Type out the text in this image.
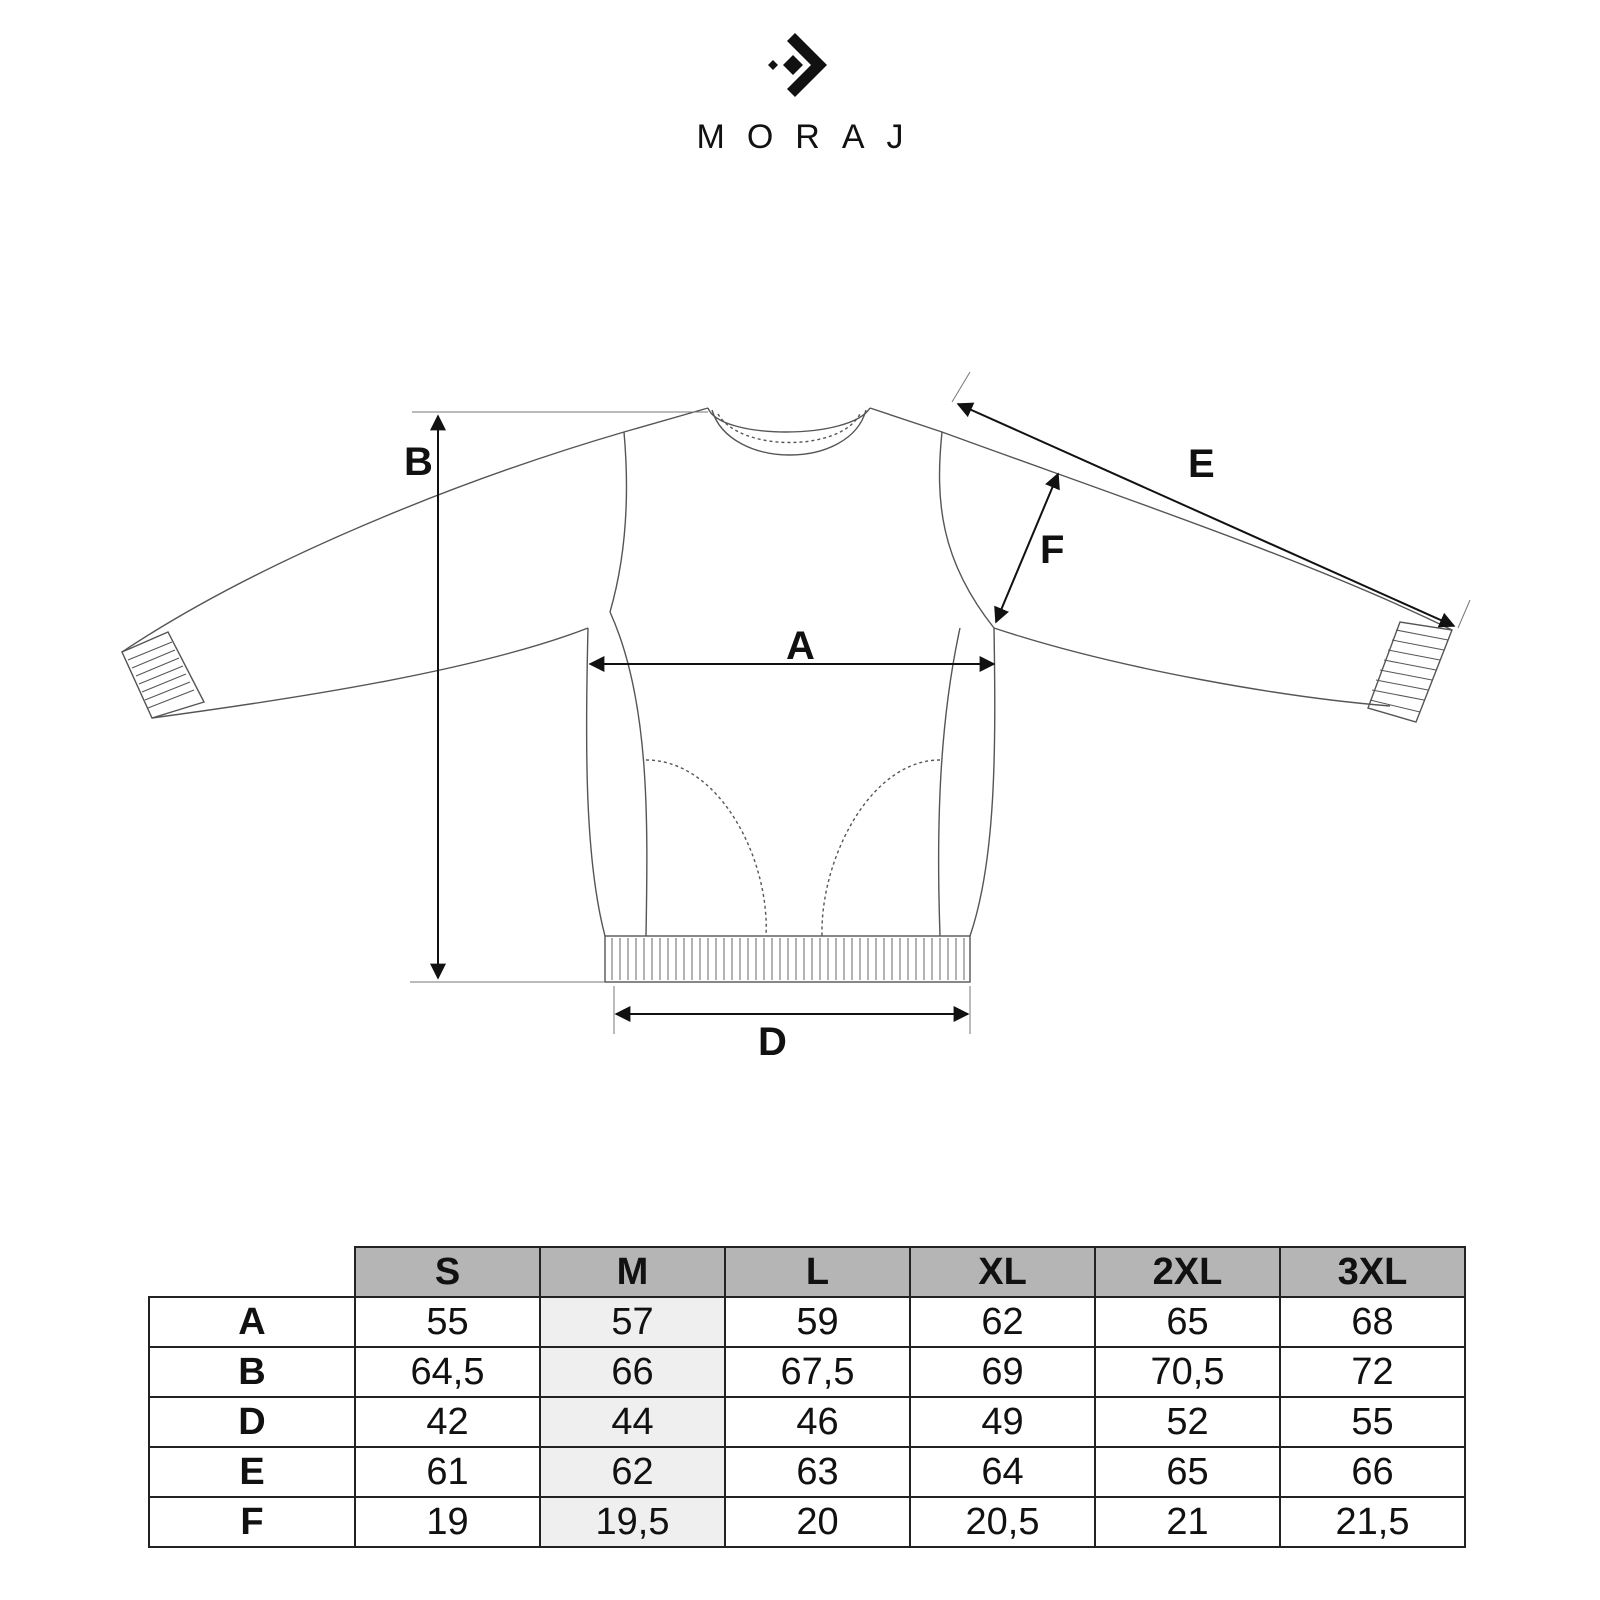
MORAJ
B
A
D
E
F
	S	M	L	XL	2XL	3XL
A	55	57	59	62	65	68
B	64,5	66	67,5	69	70,5	72
D	42	44	46	49	52	55
E	61	62	63	64	65	66
F	19	19,5	20	20,5	21	21,5
